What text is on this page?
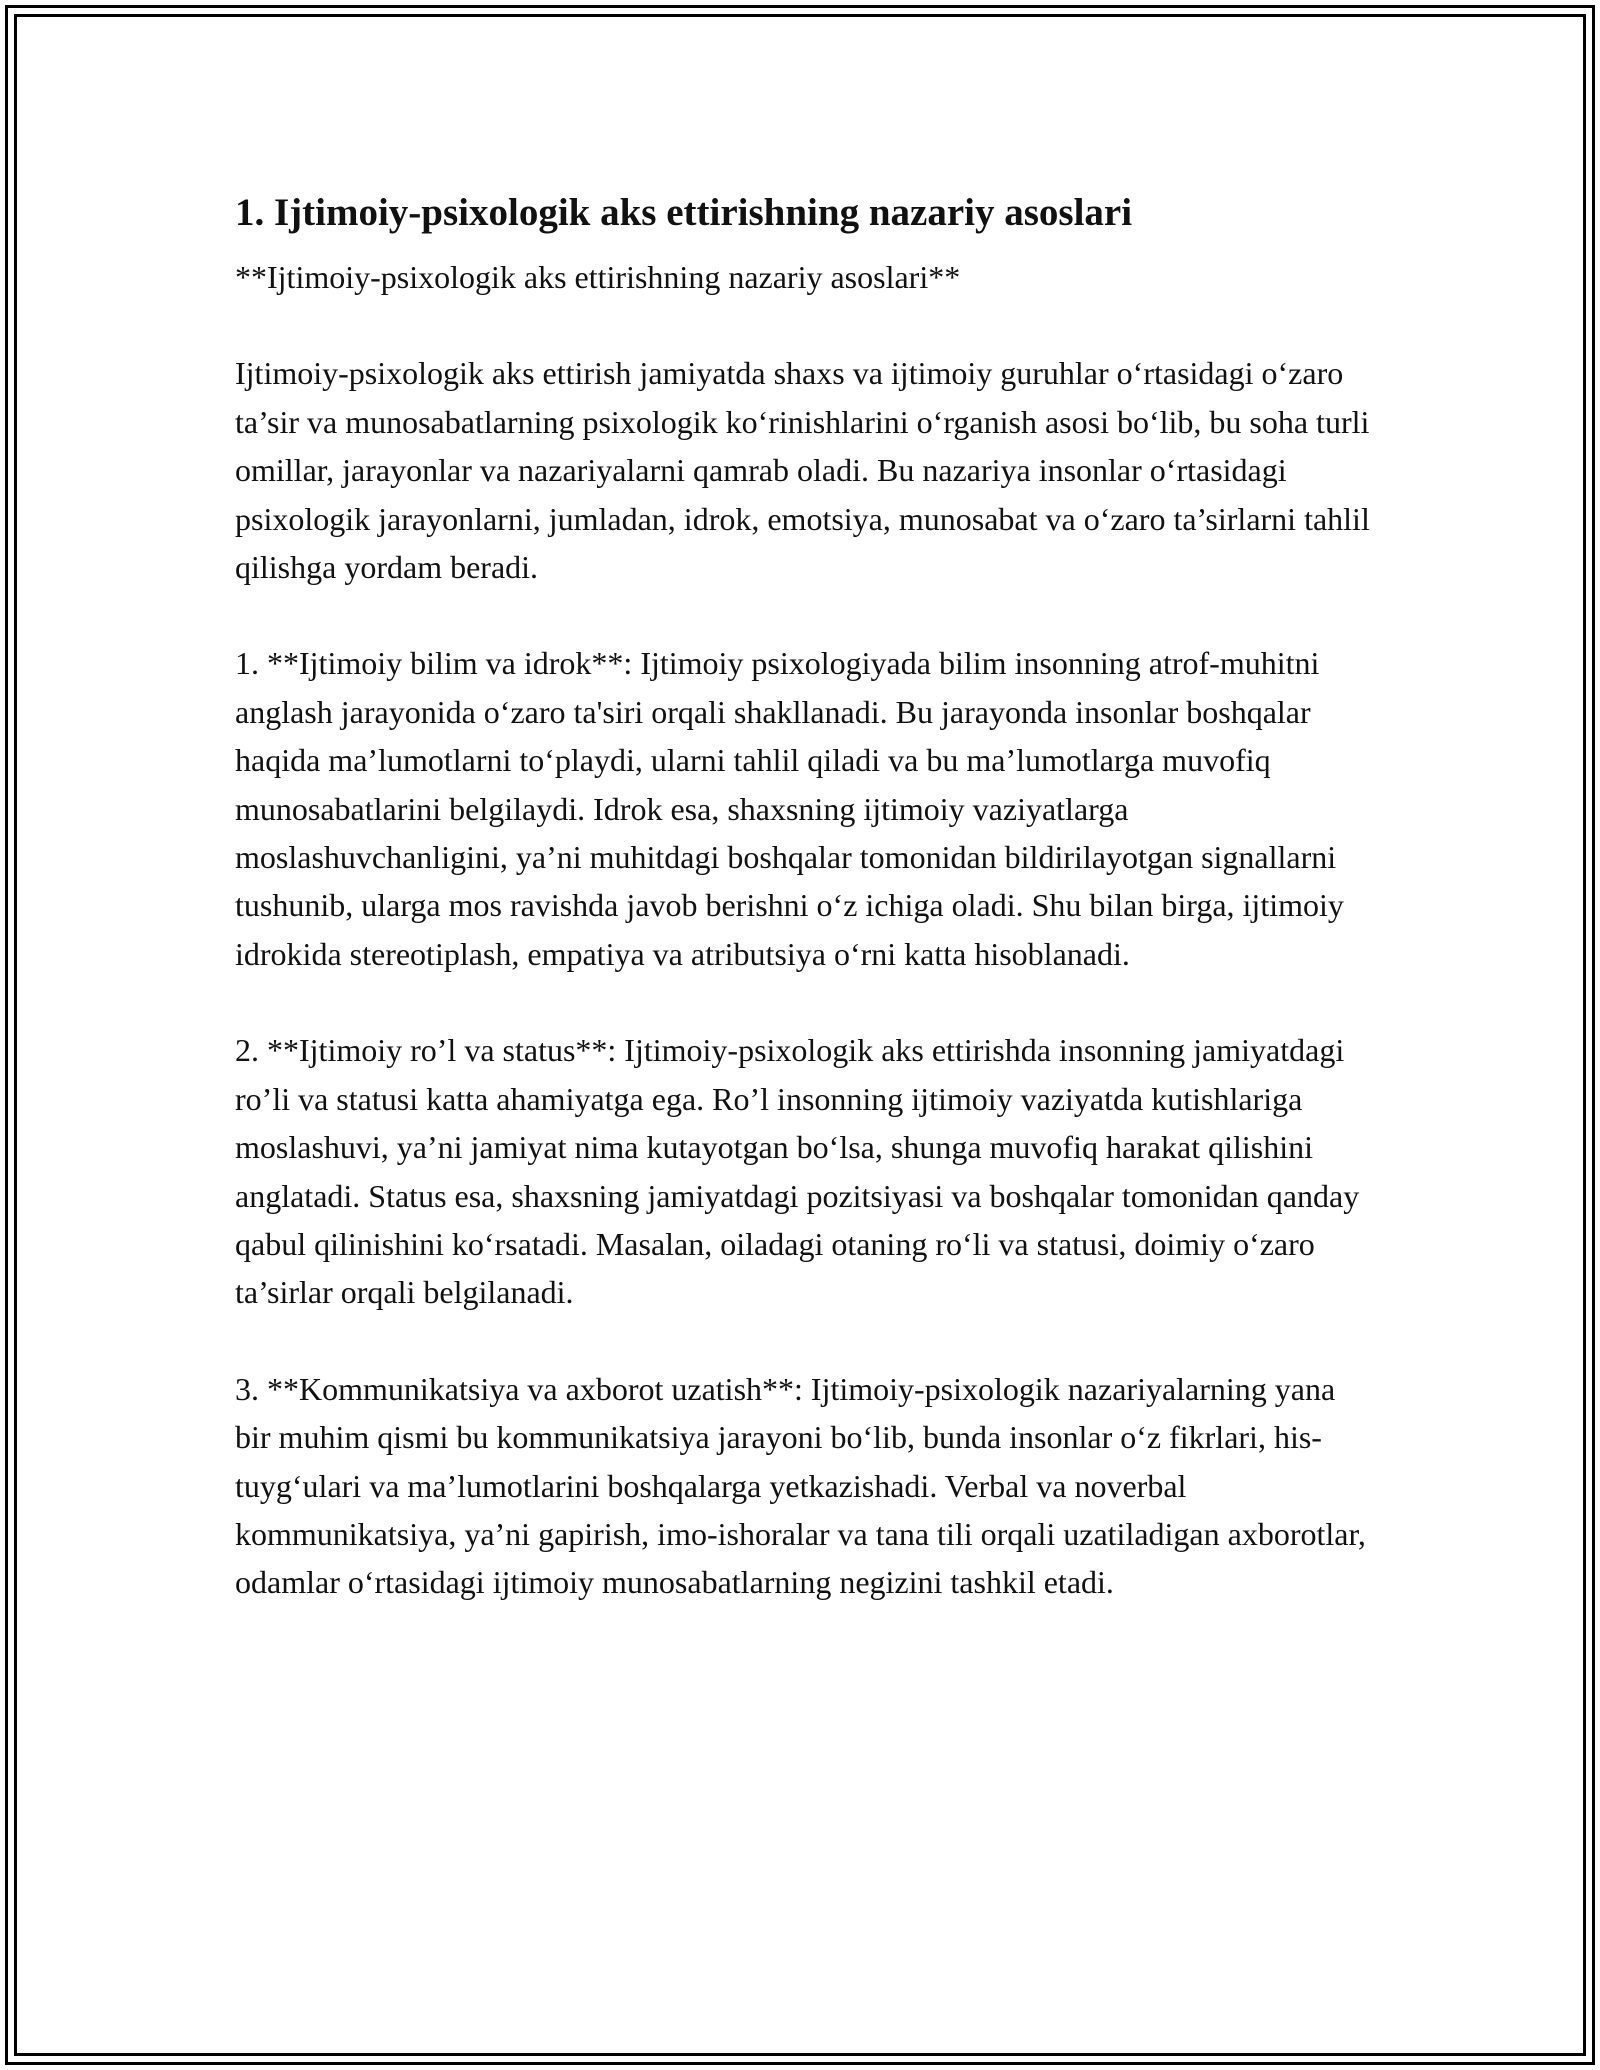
1. Ijtimoiy-psixologik aks ettirishning nazariy asoslari

**Ijtimoiy-psixologik aks ettirishning nazariy asoslari**

Ijtimoiy-psixologik aks ettirish jamiyatda shaxs va ijtimoiy guruhlar o‘rtasidagi o‘zaro ta’sir va munosabatlarning psixologik ko‘rinishlarini o‘rganish asosi bo‘lib, bu soha turli omillar, jarayonlar va nazariyalarni qamrab oladi. Bu nazariya insonlar o‘rtasidagi psixologik jarayonlarni, jumladan, idrok, emotsiya, munosabat va o‘zaro ta’sirlarni tahlil qilishga yordam beradi.

1. **Ijtimoiy bilim va idrok**: Ijtimoiy psixologiyada bilim insonning atrof-muhitni anglash jarayonida o‘zaro ta'siri orqali shakllanadi. Bu jarayonda insonlar boshqalar haqida ma’lumotlarni to‘playdi, ularni tahlil qiladi va bu ma’lumotlarga muvofiq munosabatlarini belgilaydi. Idrok esa, shaxsning ijtimoiy vaziyatlarga moslashuvchanligini, ya’ni muhitdagi boshqalar tomonidan bildirilayotgan signallarni tushunib, ularga mos ravishda javob berishni o‘z ichiga oladi. Shu bilan birga, ijtimoiy idrokida stereotiplash, empatiya va atributsiya o‘rni katta hisoblanadi.

2. **Ijtimoiy ro’l va status**: Ijtimoiy-psixologik aks ettirishda insonning jamiyatdagi ro’li va statusi katta ahamiyatga ega. Ro’l insonning ijtimoiy vaziyatda kutishlariga moslashuvi, ya’ni jamiyat nima kutayotgan bo‘lsa, shunga muvofiq harakat qilishini anglatadi. Status esa, shaxsning jamiyatdagi pozitsiyasi va boshqalar tomonidan qanday qabul qilinishini ko‘rsatadi. Masalan, oiladagi otaning ro‘li va statusi, doimiy o‘zaro ta’sirlar orqali belgilanadi.

3. **Kommunikatsiya va axborot uzatish**: Ijtimoiy-psixologik nazariyalarning yana bir muhim qismi bu kommunikatsiya jarayoni bo‘lib, bunda insonlar o‘z fikrlari, his-tuyg‘ulari va ma’lumotlarini boshqalarga yetkazishadi. Verbal va noverbal kommunikatsiya, ya’ni gapirish, imo-ishoralar va tana tili orqali uzatiladigan axborotlar, odamlar o‘rtasidagi ijtimoiy munosabatlarning negizini tashkil etadi.
